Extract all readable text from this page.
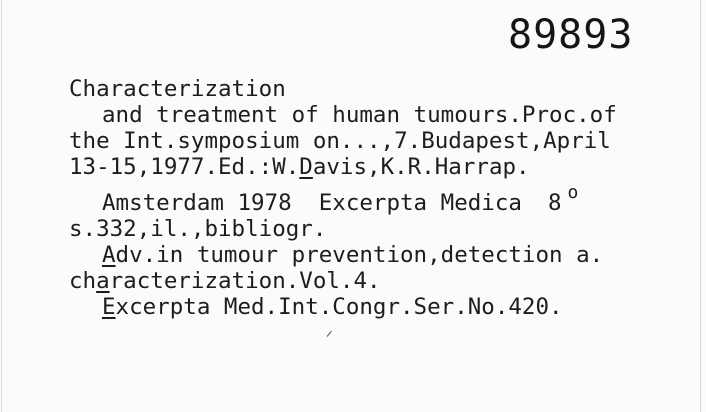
89893
Characterization
and treatment of human tumours.Proc.of
the Int.symposium on...,7.Budapest,April
13-15,1977.Ed.:W.Davis,K.R.Harrap.
Amsterdam 1978  Excerpta Medica 8 $^o$
s.332,il.,bibliogr.
Adv.in tumour prevention,detection a.
characterization.Vol.4.
Excerpta Med.Int.Congr.Ser.No.420.
